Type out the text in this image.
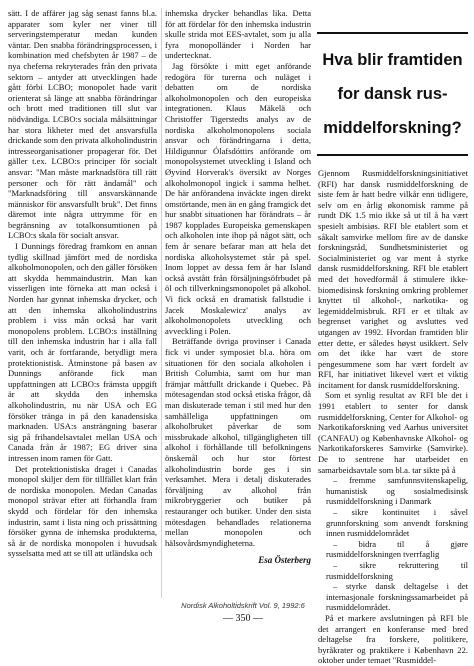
sätt. I de affärer jag såg senast fanns bl.a. apparater som kyler ner viner till serveringstemperatur medan kunden väntar. Den snabba förändringsprocessen, i kombination med chefsbyten år 1987 – de nya cheferna rekryterades från den privata sektorn – antyder att utvecklingen hade gått förbi LCBO; monopolet hade varit orienterat så länge att snabba förändringar och brott med traditionen till slut var nödvändiga. LCBO:s sociala målsättningar har stora likheter med det ansvarsfulla drickande som den privata alkoholindustrin intresseorganisationer propagerar för. Det gäller t.ex. LCBO:s principer för socialt ansvar: "Man måste marknadsföra till rätt personer och för rätt ändamål" och "Marknadsföring till ansvarskännande människor för ansvarsfullt bruk". Det finns däremot inte några uttrymme för en begränsning av totalkonsumtionen på LCBO:s skala för socialt ansvar.

I Dunnings föredrag framkom en annan tydlig skillnad jämfört med de nordiska alkoholmonopolen, och den gäller försöken att skydda hemmaindustrin. Man kan visserligen inte förneka att man också i Norden har gynnat inhemska drycker, och att den inhemska alkoholindustrins problem i viss mån också har varit monopolens problem. LCBO:s inställning till den inhemska industrin har i alla fall varit, och är fortfarande, betydligt mera protektionistisk. Åtminstone på basen av Dunnings anförande fick man uppfattningen att LCBO:s främsta uppgift är att skydda den inhemska alkoholindustrin, nu när USA och EG försöker tränga in på den kanadensiska marknaden. USA:s ansträngning baserar sig på frihandelsavtalet mellan USA och Canada från år 1987; EG driver sina intressen inom ramen för Gatt.

Det protektionistiska draget i Canadas monopol skiljer dem för tillfället klart från de nordiska monopolen. Medan Canadas monopol strävar efter att förhandla fram skydd och fördelar för den inhemska industrin, samt i lista ning och prissättning försöker gynna de inhemska produkterna, så är de nordiska monopolen i huvudsak sysselsatta med att se till att utländska och

inhemska drycker behandlas lika. Detta för att fördelar för den inhemska industrin skulle strida mot EES-avtalet, som ju alla fyra monopolländer i Norden har undertecknat.

Jag försökte i mitt eget anförande redogöra för turerna och nuläget i debatten om de nordiska alkoholmonopolen och den europeiska integrationen. Klaus Mäkelä och Christoffer Tigerstedts analys av de nordiska alkoholmonopolens sociala ansvar och förändringarna i detta, Hildigunnur Ólafsdóttirs anförande om monopolsystemet utveckling i Island och Øyvind Horverak's översikt av Norges alkoholmonopol ingick i samma helhet. De här anförandena inväckte ingen direkt omstörtande, men än en gång framgick det hur snabbt situationen har förändrats – år 1987 kopplades Europeiska gemenskapen och alkoholen inte ihop på något sätt, och fem år senare befarar man att hela det nordiska alkoholsystemet står på spel. Inom loppet av dessa fem år har Island också avstått från försäljningsöfrbudet på öl och tillverkningsmonopolet på alkohol. Vi fick också en dramatisk fallstudie i Jacek Moskalewicz' analys av alkoholmonopolets utveckling och avveckling i Polen.

Beträffande övriga provinser i Canada fick vi under symposiet bl.a. höra om situationen för den sociala alkoholen i British Columbia, samt om hur man främjar måttfullt drickande i Quebec. På mötesagendan stod också etiska frågor, då man diskuterade teman i stil med hur den samhälleliga uppfattningen om alkoholbruket påverkar de som missbrukade alkohol, tillgängligheten till alkohol i förhållande till befolkningens önskemål och hur stor förtest alkoholindustrin borde ges i sin verksamhet. Mera i detalj diskuterades förväljning av alkohol från mikrobryggerier och butiker på restauranger och butiker. Under den sista mötesdagen behandlades relationerna mellan monopolen och hälsovårdsmyndigheterna.

Esa Österberg
Hva blir framtiden
for dansk rus-
middelforskning?

Gjennom Rusmiddelforskningsinitiativet (RFI) har dansk rusmiddelforskning de siste fem år hatt bedre vilkår enn tidligere, selv om en årlig økonomisk ramme på rundt DK 1.5 mio ikke så ut til å ha vært spesielt ambisiøs. RFI ble etablert som et såkalt samvirke mellom fire av de danske forskningsråd, Sundhetsministeriet og Socialministeriet og var ment å styrke dansk rusmiddelforskning. RFI ble etablert med det hovedformål å stimulere ikke-biomedisinsk forskning omkring problemer knyttet til alkohol-, narkotika- og legemiddelmisbruk. RFI er et tiltak av begrenset varighet og avsluttes ved utgangen av 1992. Hvordan framtiden blir etter dette, er således høyst usikkert. Selv om det ikke har vært de store pengesummene som har vært fordelt av RFI, har initiativet likevel vært et viktig incitament for dansk rusmiddelforskning.

Som et synlig resultat av RFI ble det i 1991 etablert to senter for dansk rusmiddelforskning, Center for Alkohol- og Narkotikaforskning ved Aarhus universitet (CANFAU) og Københavnske Alkohol- og Narkotikaforskeres Samvirke (Samvirke). De to sentrene har utarbeidet en samarbeidsavtale som bl.a. tar sikte på å

– fremme samfunnsvitenskapelig, humanistisk og sosialmedisinsk rusmiddelforskning i Danmark

– sikre kontinuitet i såvel grunnforskning som anvendt forskning innen rusmiddelområdet

– bidra til å gjøre rusmiddelforskningen tverrfaglig

– sikre rekruttering til rusmiddelforskning

– styrke dansk deltagelse i det internasjonale forskningssamarbeidet på rusmiddelområdet.

På et markere avslutningen på RFI ble det arrangert en konferanse med bred deltagelse fra forskere, politikere, byråkrater og praktikere i København 22. oktober under temaet "Rusmiddel-

Nordisk Alkoholtidskrift Vol. 9, 1992:6
— 350 —
